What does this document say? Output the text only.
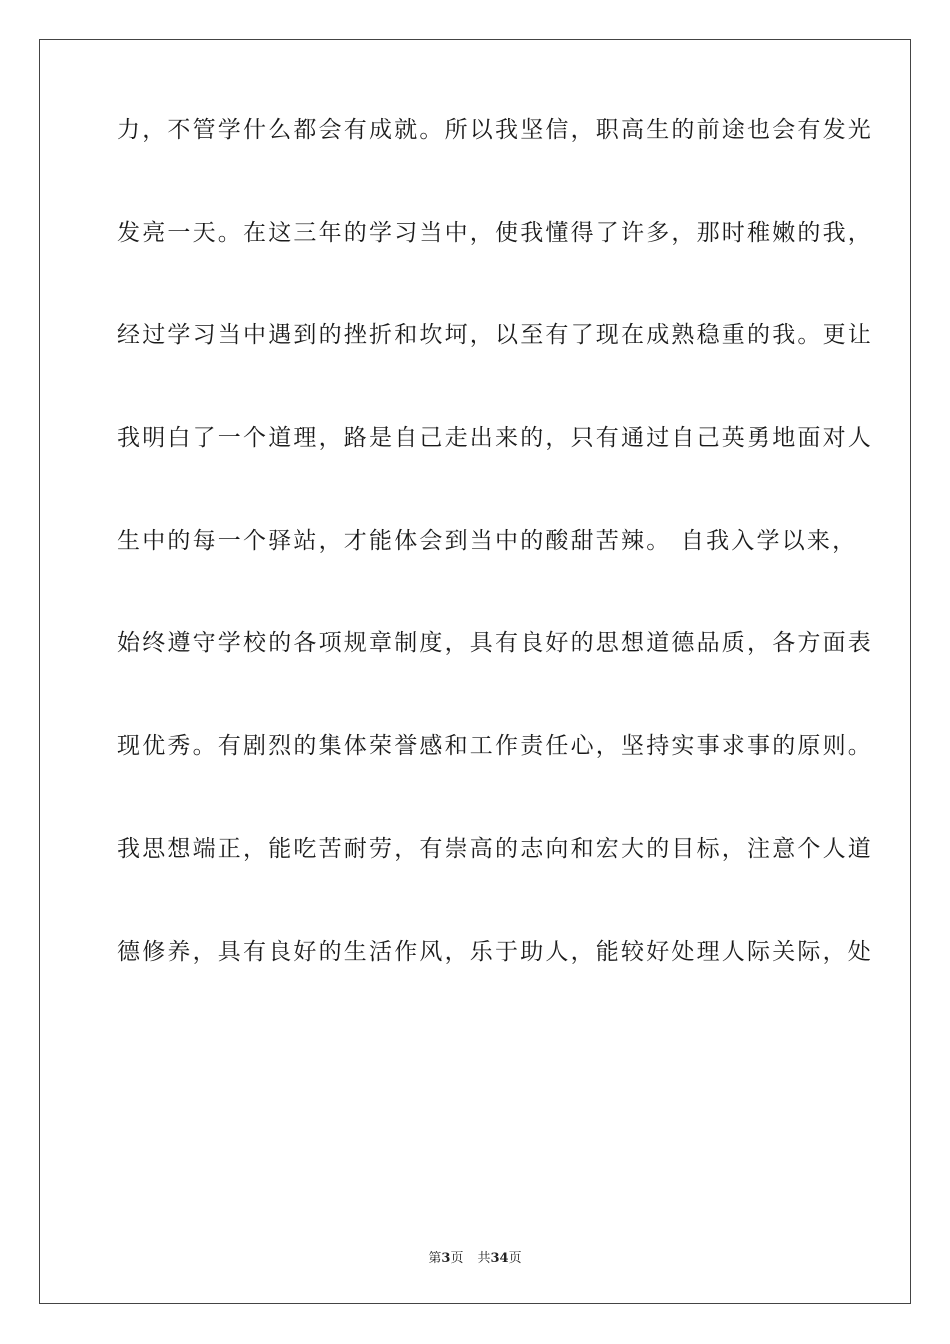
力，不管学什么都会有成就。所以我坚信，职高生的前途也会有发光
发亮一天。在这三年的学习当中，使我懂得了许多，那时稚嫩的我，
经过学习当中遇到的挫折和坎坷，以至有了现在成熟稳重的我。更让
我明白了一个道理，路是自己走出来的，只有通过自己英勇地面对人
生中的每一个驿站，才能体会到当中的酸甜苦辣。 自我入学以来，
始终遵守学校的各项规章制度，具有良好的思想道德品质，各方面表
现优秀。有剧烈的集体荣誉感和工作责任心，坚持实事求事的原则。
我思想端正，能吃苦耐劳，有崇高的志向和宏大的目标，注意个人道
德修养，具有良好的生活作风，乐于助人，能较好处理人际关际，处
第3页 共34页
